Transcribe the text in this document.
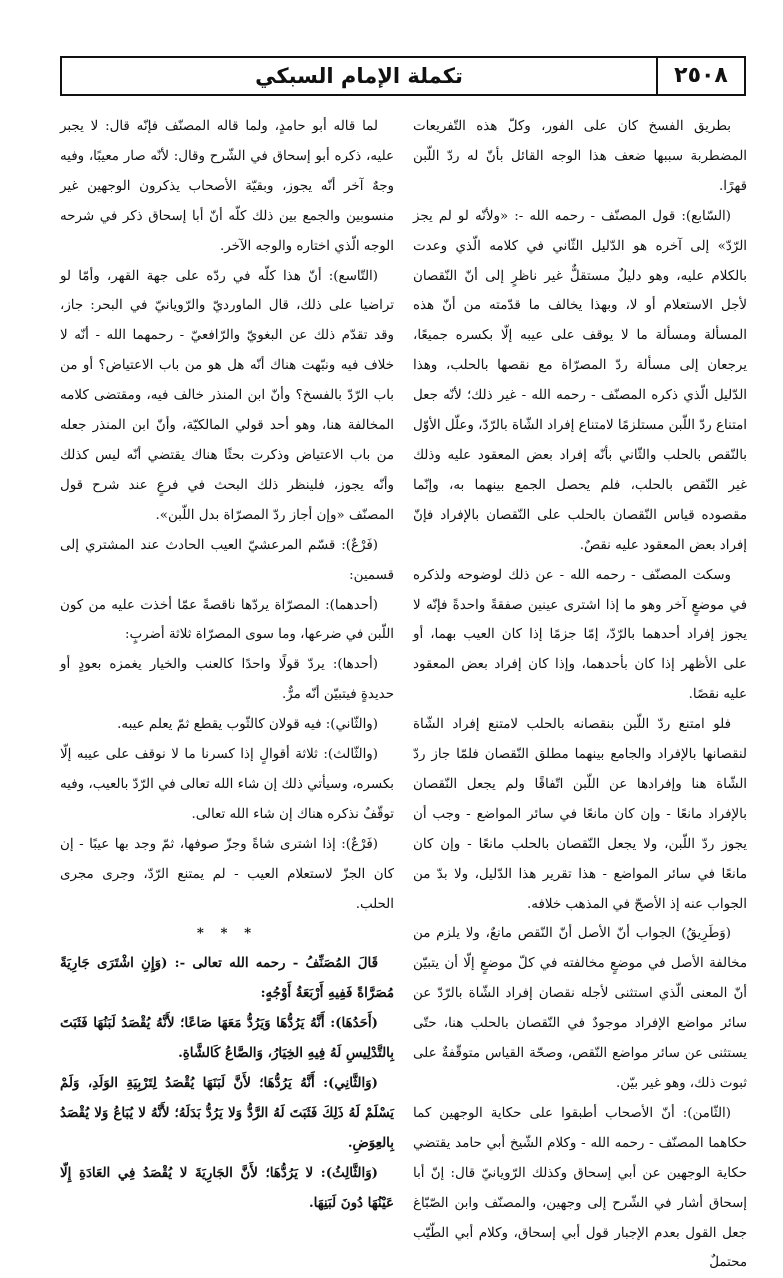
٢٥٠٨
تكملة الإمام السبكي

بطريق الفسخ كان على الفور، وكلّ هذه التّفريعات المضطربة سببها ضعف هذا الوجه القائل بأنّ له ردّ اللّبن قهرًا.

(السّابع): قول المصنّف - رحمه الله -: «ولأنّه لو لم يجز الرّدّ» إلى آخره هو الدّليل الثّاني في كلامه الّذي وعدت بالكلام عليه، وهو دليلٌ مستقلٌّ غير ناظرٍ إلى أنّ النّقصان لأجل الاستعلام أو لا، وبهذا يخالف ما قدّمته من أنّ هذه المسألة ومسألة ما لا يوقف على عيبه إلّا بكسره جميعًا، يرجعان إلى مسألة ردّ المصرّاة مع نقصها بالحلب، وهذا الدّليل الّذي ذكره المصنّف - رحمه الله - غير ذلك؛ لأنّه جعل امتناع ردّ اللّبن مستلزمًا لامتناع إفراد الشّاة بالرّدّ، وعلّل الأوّل بالنّقص بالحلب والثّاني بأنّه إفراد بعض المعقود عليه وذلك غير النّقص بالحلب، فلم يحصل الجمع بينهما به، وإنّما مقصوده قياس النّقصان بالحلب على النّقصان بالإفراد فإنّ إفراد بعض المعقود عليه نقصٌ.

وسكت المصنّف - رحمه الله - عن ذلك لوضوحه ولذكره في موضعٍ آخر وهو ما إذا اشترى عينين صفقةً واحدةً فإنّه لا يجوز إفراد أحدهما بالرّدّ، إمّا جزمًا إذا كان العيب بهما، أو على الأظهر إذا كان بأحدهما، وإذا كان إفراد بعض المعقود عليه نقصًا.

فلو امتنع ردّ اللّبن بنقصانه بالحلب لامتنع إفراد الشّاة لنقصانها بالإفراد والجامع بينهما مطلق النّقصان فلمّا جاز ردّ الشّاة هنا وإفرادها عن اللّبن اتّفاقًا ولم يجعل النّقصان بالإفراد مانعًا - وإن كان مانعًا في سائر المواضع - وجب أن يجوز ردّ اللّبن، ولا يجعل النّقصان بالحلب مانعًا - وإن كان مانعًا في سائر المواضع - هذا تقرير هذا الدّليل، ولا بدّ من الجواب عنه إذ الأصحّ في المذهب خلافه.

(وَطَرِيقُ) الجواب أنّ الأصل أنّ النّقص مانعٌ، ولا يلزم من مخالفة الأصل في موضعٍ مخالفته في كلّ موضعٍ إلّا أن يتبيّن أنّ المعنى الّذي استثنى لأجله نقصان إفراد الشّاة بالرّدّ عن سائر مواضع الإفراد موجودٌ في النّقصان بالحلب هنا، حتّى يستثنى عن سائر مواضع النّقص، وصحّة القياس متوقّفةٌ على ثبوت ذلك، وهو غير بيّن.

(الثّامن): أنّ الأصحاب أطبقوا على حكاية الوجهين كما حكاهما المصنّف - رحمه الله - وكلام الشّيخ أبي حامد يقتضي حكاية الوجهين عن أبي إسحاق وكذلك الرّويانيّ قال: إنّ أبا إسحاق أشار في الشّرح إلى وجهين، والمصنّف وابن الصّبّاغ جعل القول بعدم الإجبار قول أبي إسحاق، وكلام أبي الطّيّب محتملٌ

لما قاله أبو حامدٍ، ولما قاله المصنّف فإنّه قال: لا يجبر عليه، ذكره أبو إسحاق في الشّرح وقال: لأنّه صار معيبًا، وفيه وجهٌ آخر أنّه يجوز، وبقيّة الأصحاب يذكرون الوجهين غير منسوبين والجمع بين ذلك كلّه أنّ أبا إسحاق ذكر في شرحه الوجه الّذي اختاره والوجه الآخر.

(التّاسع): أنّ هذا كلّه في ردّه على جهة القهر، وأمّا لو تراضيا على ذلك، قال الماورديّ والرّويانيّ في البحر: جاز، وقد تقدّم ذلك عن البغويّ والرّافعيّ - رحمهما الله - أنّه لا خلاف فيه ونبّهت هناك أنّه هل هو من باب الاعتياض؟ أو من باب الرّدّ بالفسخ؟ وأنّ ابن المنذر خالف فيه، ومقتضى كلامه المخالفة هنا، وهو أحد قولي المالكيّة، وأنّ ابن المنذر جعله من باب الاعتياض وذكرت بحثًا هناك يقتضي أنّه ليس كذلك وأنّه يجوز، فلينظر ذلك البحث في فرعٍ عند شرح قول المصنّف «وإن أجاز ردّ المصرّاة بدل اللّبن».

(فَرْعٌ): قسّم المرعشيّ العيب الحادث عند المشتري إلى قسمين:

(أحدهما): المصرّاة يردّها ناقصةً عمّا أخذت عليه من كون اللّبن في ضرعها، وما سوى المصرّاة ثلاثة أضربٍ:

(أحدها): يردّ قولًا واحدًا كالعنب والخيار يغمزه بعودٍ أو حديدةٍ فيتبيّن أنّه مرٌّ.

(والثّاني): فيه قولان كالثّوب يقطع ثمّ يعلم عيبه.

(والثّالث): ثلاثة أقوالٍ إذا كسرنا ما لا نوقف على عيبه إلّا بكسره، وسيأتي ذلك إن شاء الله تعالى في الرّدّ بالعيب، وفيه توقّفٌ نذكره هناك إن شاء الله تعالى.

(فَرْعٌ): إذا اشترى شاةً وجزّ صوفها، ثمّ وجد بها عيبًا - إن كان الجزّ لاستعلام العيب - لم يمتنع الرّدّ، وجرى مجرى الحلب.

* * *

قَالَ المُصَنِّفُ - رحمه الله تعالى -: (وَإِنِ اشْتَرَى جَارِيَةً مُصَرَّاةً فَفِيهِ أَرْبَعَةُ أَوْجُهٍ:

(أَحَدُهَا): أَنَّهُ يَرُدُّهَا وَيَرُدُّ مَعَهَا صَاعًا؛ لأَنَّهُ يُقْصَدُ لَبَنُهَا فَثَبَتَ بِالتَّدْلِيسِ لَهُ فِيهِ الخِيَارُ، وَالصَّاعُ كَالشَّاةِ.

(وَالثَّانِي): أَنَّهُ يَرُدُّهَا؛ لأَنَّ لَبَنَهَا يُقْصَدُ لِتَرْبِيَةِ الوَلَدِ، وَلَمْ يَسْلَمْ لَهُ ذَلِكَ فَثَبَتَ لَهُ الرَّدُّ وَلا يَرُدُّ بَدَلَهُ؛ لأَنَّهُ لا يُبَاعُ وَلا يُقْصَدُ بِالعِوَضِ.

(وَالثَّالِثُ): لا يَرُدُّهَا؛ لأَنَّ الجَارِيَةَ لا يُقْصَدُ فِي العَادَةِ إِلّا عَيْنُهَا دُونَ لَبَنِهَا.
